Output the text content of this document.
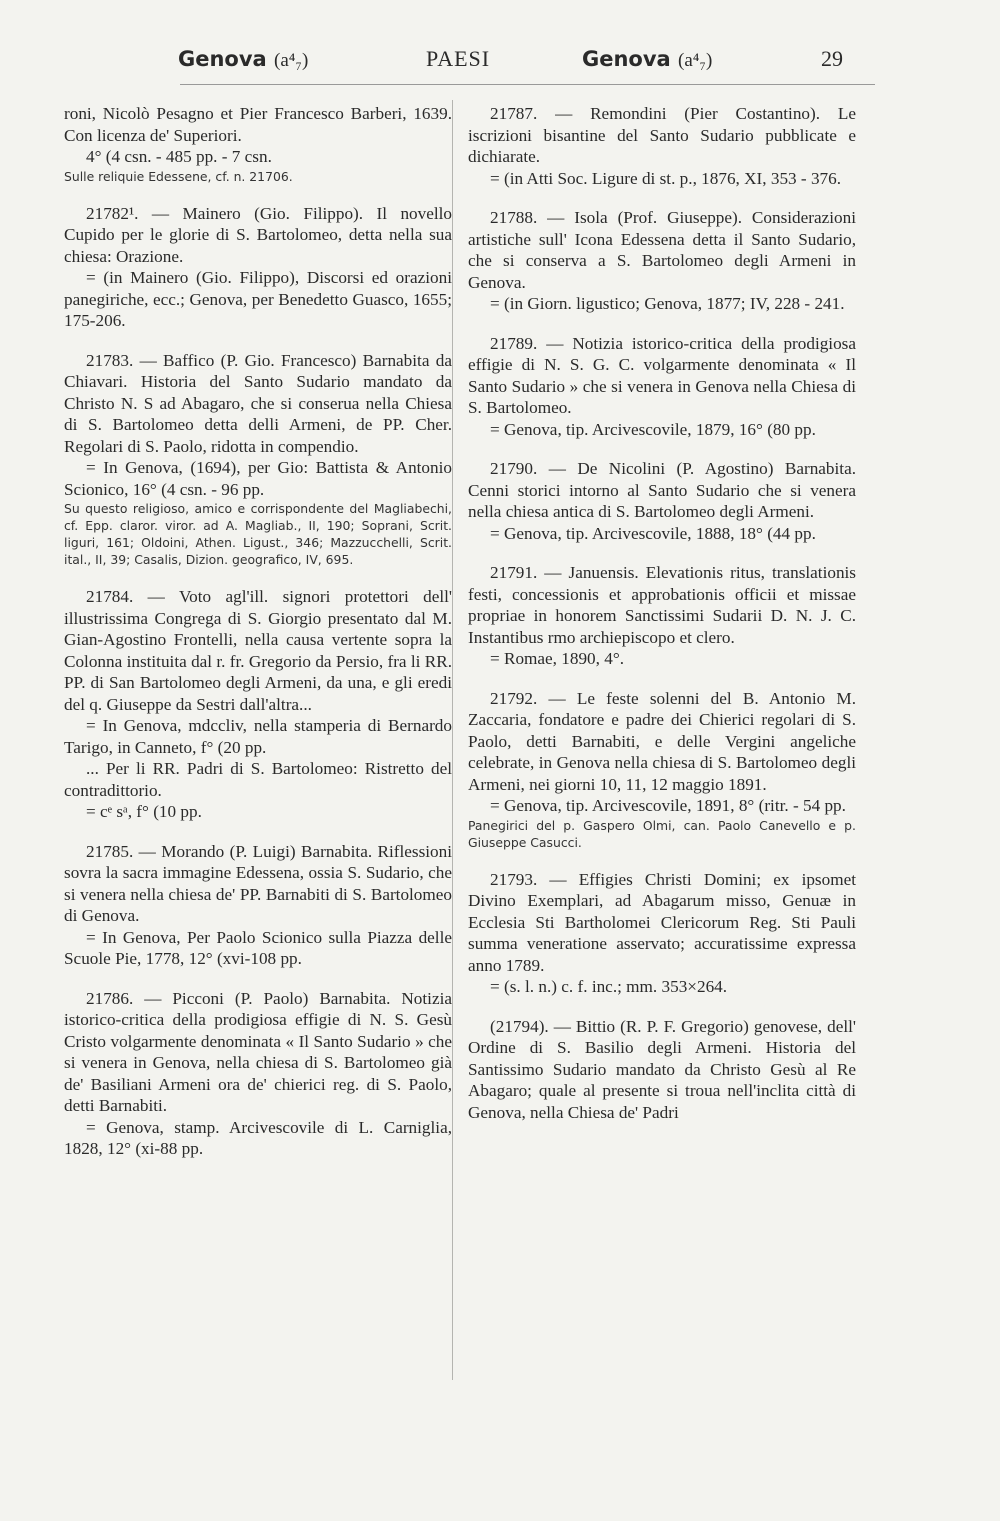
Genova (a⁴₇)	PAESI	Genova (a⁴₇)	29

roni, Nicolò Pesagno et Pier Francesco Barberi, 1639. Con licenza de' Superiori.

4° (4 csn. - 485 pp. - 7 csn.

Sulle reliquie Edessene, cf. n. 21706.

21782¹. — Mainero (Gio. Filippo). Il novello Cupido per le glorie di S. Bartolomeo, detta nella sua chiesa: Orazione.

= (in Mainero (Gio. Filippo), Discorsi ed orazioni panegiriche, ecc.; Genova, per Benedetto Guasco, 1655; 175-206.

21783. — Baffico (P. Gio. Francesco) Barnabita da Chiavari. Historia del Santo Sudario mandato da Christo N. S ad Abagaro, che si conserua nella Chiesa di S. Bartolomeo detta delli Armeni, de PP. Cher. Regolari di S. Paolo, ridotta in compendio.

= In Genova, (1694), per Gio: Battista & Antonio Scionico, 16° (4 csn. - 96 pp.

Su questo religioso, amico e corrispondente del Magliabechi, cf. Epp. claror. viror. ad A. Magliab., II, 190; Soprani, Scrit. liguri, 161; Oldoini, Athen. Ligust., 346; Mazzucchelli, Scrit. ital., II, 39; Casalis, Dizion. geografico, IV, 695.

21784. — Voto agl'ill. signori protettori dell' illustrissima Congrega di S. Giorgio presentato dal M. Gian-Agostino Frontelli, nella causa vertente sopra la Colonna instituita dal r. fr. Gregorio da Persio, fra li RR. PP. di San Bartolomeo degli Armeni, da una, e gli eredi del q. Giuseppe da Sestri dall'altra...

= In Genova, mdccliv, nella stamperia di Bernardo Tarigo, in Canneto, f° (20 pp.

... Per li RR. Padri di S. Bartolomeo: Ristretto del contradittorio.

= cᵉ sᵃ, f° (10 pp.

21785. — Morando (P. Luigi) Barnabita. Riflessioni sovra la sacra immagine Edessena, ossia S. Sudario, che si venera nella chiesa de' PP. Barnabiti di S. Bartolomeo di Genova.

= In Genova, Per Paolo Scionico sulla Piazza delle Scuole Pie, 1778, 12° (xvi-108 pp.

21786. — Picconi (P. Paolo) Barnabita. Notizia istorico-critica della prodigiosa effigie di N. S. Gesù Cristo volgarmente denominata « Il Santo Sudario » che si venera in Genova, nella chiesa di S. Bartolomeo già de' Basiliani Armeni ora de' chierici reg. di S. Paolo, detti Barnabiti.

= Genova, stamp. Arcivescovile di L. Carniglia, 1828, 12° (xi-88 pp.

21787. — Remondini (Pier Costantino). Le iscrizioni bisantine del Santo Sudario pubblicate e dichiarate.

= (in Atti Soc. Ligure di st. p., 1876, XI, 353 - 376.

21788. — Isola (Prof. Giuseppe). Considerazioni artistiche sull' Icona Edessena detta il Santo Sudario, che si conserva a S. Bartolomeo degli Armeni in Genova.

= (in Giorn. ligustico; Genova, 1877; IV, 228 - 241.

21789. — Notizia istorico-critica della prodigiosa effigie di N. S. G. C. volgarmente denominata « Il Santo Sudario » che si venera in Genova nella Chiesa di S. Bartolomeo.

= Genova, tip. Arcivescovile, 1879, 16° (80 pp.

21790. — De Nicolini (P. Agostino) Barnabita. Cenni storici intorno al Santo Sudario che si venera nella chiesa antica di S. Bartolomeo degli Armeni.

= Genova, tip. Arcivescovile, 1888, 18° (44 pp.

21791. — Januensis. Elevationis ritus, translationis festi, concessionis et approbationis officii et missae propriae in honorem Sanctissimi Sudarii D. N. J. C. Instantibus rmo archiepiscopo et clero.

= Romae, 1890, 4°.

21792. — Le feste solenni del B. Antonio M. Zaccaria, fondatore e padre dei Chierici regolari di S. Paolo, detti Barnabiti, e delle Vergini angeliche celebrate, in Genova nella chiesa di S. Bartolomeo degli Armeni, nei giorni 10, 11, 12 maggio 1891.

= Genova, tip. Arcivescovile, 1891, 8° (ritr. - 54 pp.

Panegirici del p. Gaspero Olmi, can. Paolo Canevello e p. Giuseppe Casucci.

21793. — Effigies Christi Domini; ex ipsomet Divino Exemplari, ad Abagarum misso, Genuæ in Ecclesia Sti Bartholomei Clericorum Reg. Sti Pauli summa veneratione asservato; accuratissime expressa anno 1789.

= (s. l. n.) c. f. inc.; mm. 353×264.

(21794). — Bittio (R. P. F. Gregorio) genovese, dell' Ordine di S. Basilio degli Armeni. Historia del Santissimo Sudario mandato da Christo Gesù al Re Abagaro; quale al presente si troua nell'inclita città di Genova, nella Chiesa de' Padri
